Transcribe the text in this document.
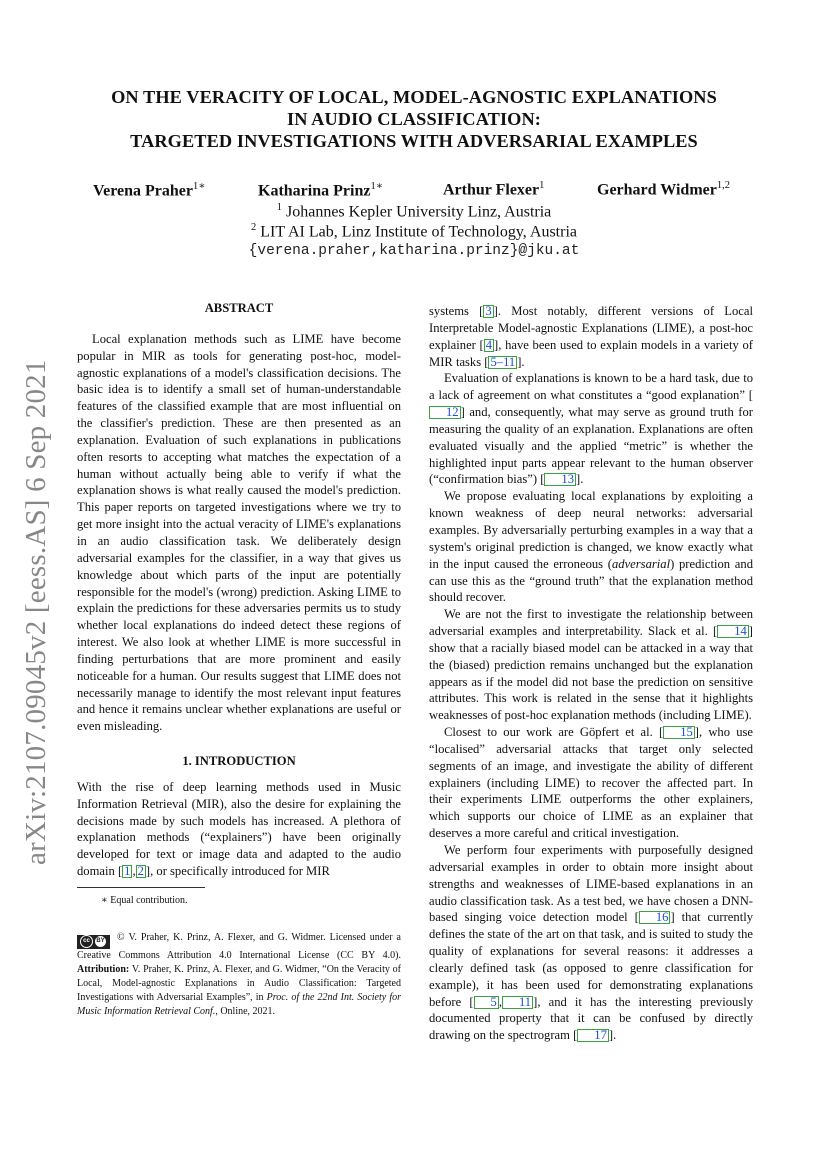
arXiv:2107.09045v2 [eess.AS] 6 Sep 2021
ON THE VERACITY OF LOCAL, MODEL-AGNOSTIC EXPLANATIONS
IN AUDIO CLASSIFICATION:
TARGETED INVESTIGATIONS WITH ADVERSARIAL EXAMPLES
Verena Praher$^{1∗}$	Katharina Prinz$^{1∗}$	Arthur Flexer$^1$	Gerhard Widmer$^{1,2}$
$^1$ Johannes Kepler University Linz, Austria
$^2$ LIT AI Lab, Linz Institute of Technology, Austria
{verena.praher,katharina.prinz}@jku.at
ABSTRACT

Local explanation methods such as LIME have become popular in MIR as tools for generating post-hoc, model-agnostic explanations of a model's classification decisions. The basic idea is to identify a small set of human-understandable features of the classified example that are most influential on the classifier's prediction. These are then presented as an explanation. Evaluation of such explanations in publications often resorts to accepting what matches the expectation of a human without actually being able to verify if what the explanation shows is what really caused the model's prediction. This paper reports on targeted investigations where we try to get more insight into the actual veracity of LIME's explanations in an audio classification task. We deliberately design adversarial examples for the classifier, in a way that gives us knowledge about which parts of the input are potentially responsible for the model's (wrong) prediction. Asking LIME to explain the predictions for these adversaries permits us to study whether local explanations do indeed detect these regions of interest. We also look at whether LIME is more successful in finding perturbations that are more prominent and easily noticeable for a human. Our results suggest that LIME does not necessarily manage to identify the most relevant input features and hence it remains unclear whether explanations are useful or even misleading.

1. INTRODUCTION

With the rise of deep learning methods used in Music Information Retrieval (MIR), also the desire for explaining the decisions made by such models has increased. A plethora of explanation methods (“explainers”) have been originally developed for text or image data and adapted to the audio domain [ 1 , 2 ], or specifically introduced for MIR

∗ Equal contribution.
cc	BY © V. Praher, K. Prinz, A. Flexer, and G. Widmer. Licensed under a Creative Commons Attribution 4.0 International License (CC BY 4.0). Attribution: V. Praher, K. Prinz, A. Flexer, and G. Widmer, “On the Veracity of Local, Model-agnostic Explanations in Audio Classification: Targeted Investigations with Adversarial Examples”, in Proc. of the 22nd Int. Society for Music Information Retrieval Conf., Online, 2021.

systems [ 3 ]. Most notably, different versions of Local Interpretable Model-agnostic Explanations (LIME), a post-hoc explainer [ 4 ], have been used to explain models in a variety of MIR tasks [ 5–11 ].

Evaluation of explanations is known to be a hard task, due to a lack of agreement on what constitutes a “good explanation” [12 ] and, consequently, what may serve as ground truth for measuring the quality of an explanation. Explanations are often evaluated visually and the applied “metric” is whether the highlighted input parts appear relevant to the human observer (“confirmation bias”) [ 13 ].

We propose evaluating local explanations by exploiting a known weakness of deep neural networks: adversarial examples. By adversarially perturbing examples in a way that a system's original prediction is changed, we know exactly what in the input caused the erroneous (adversarial) prediction and can use this as the “ground truth” that the explanation method should recover.

We are not the first to investigate the relationship between adversarial examples and interpretability. Slack et al. [ 14 ] show that a racially biased model can be attacked in a way that the (biased) prediction remains unchanged but the explanation appears as if the model did not base the prediction on sensitive attributes. This work is related in the sense that it highlights weaknesses of post-hoc explanation methods (including LIME).

Closest to our work are Göpfert et al. [ 15 ], who use “localised” adversarial attacks that target only selected segments of an image, and investigate the ability of different explainers (including LIME) to recover the affected part. In their experiments LIME outperforms the other explainers, which supports our choice of LIME as an explainer that deserves a more careful and critical investigation.

We perform four experiments with purposefully designed adversarial examples in order to obtain more insight about strengths and weaknesses of LIME-based explanations in an audio classification task. As a test bed, we have chosen a DNN-based singing voice detection model [ 16 ] that currently defines the state of the art on that task, and is suited to study the quality of explanations for several reasons: it addresses a clearly defined task (as opposed to genre classification for example), it has been used for demonstrating explanations before [ 5 , 11 ], and it has the interesting previously documented property that it can be confused by directly drawing on the spectrogram [ 17 ].
